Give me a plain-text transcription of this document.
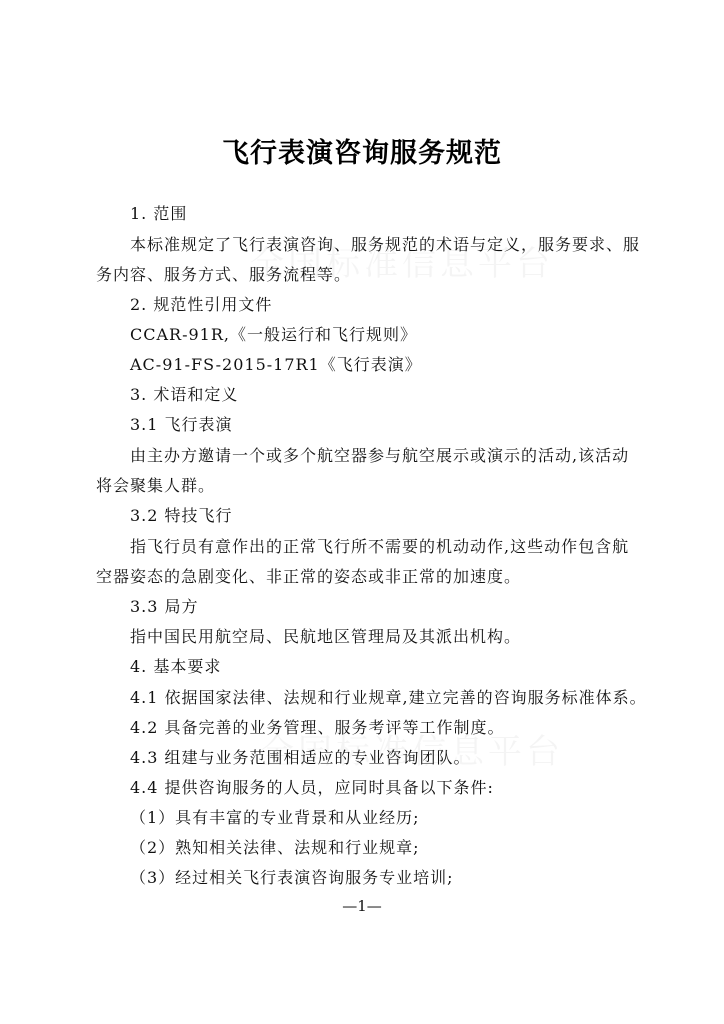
飞行表演咨询服务规范
1. 范围
本标准规定了飞行表演咨询、服务规范的术语与定义，服务要求、服
务内容、服务方式、服务流程等。
2. 规范性引用文件
CCAR-91R,《一般运行和飞行规则》
AC-91-FS-2015-17R1《飞行表演》
3. 术语和定义
3.1 飞行表演
由主办方邀请一个或多个航空器参与航空展示或演示的活动,该活动
将会聚集人群。
3.2 特技飞行
指飞行员有意作出的正常飞行所不需要的机动动作,这些动作包含航
空器姿态的急剧变化、非正常的姿态或非正常的加速度。
3.3 局方
指中国民用航空局、民航地区管理局及其派出机构。
4. 基本要求
4.1 依据国家法律、法规和行业规章,建立完善的咨询服务标准体系。
4.2 具备完善的业务管理、服务考评等工作制度。
4.3 组建与业务范围相适应的专业咨询团队。
4.4 提供咨询服务的人员，应同时具备以下条件:
（1）具有丰富的专业背景和从业经历;
（2）熟知相关法律、法规和行业规章;
（3）经过相关飞行表演咨询服务专业培训;
—1—
